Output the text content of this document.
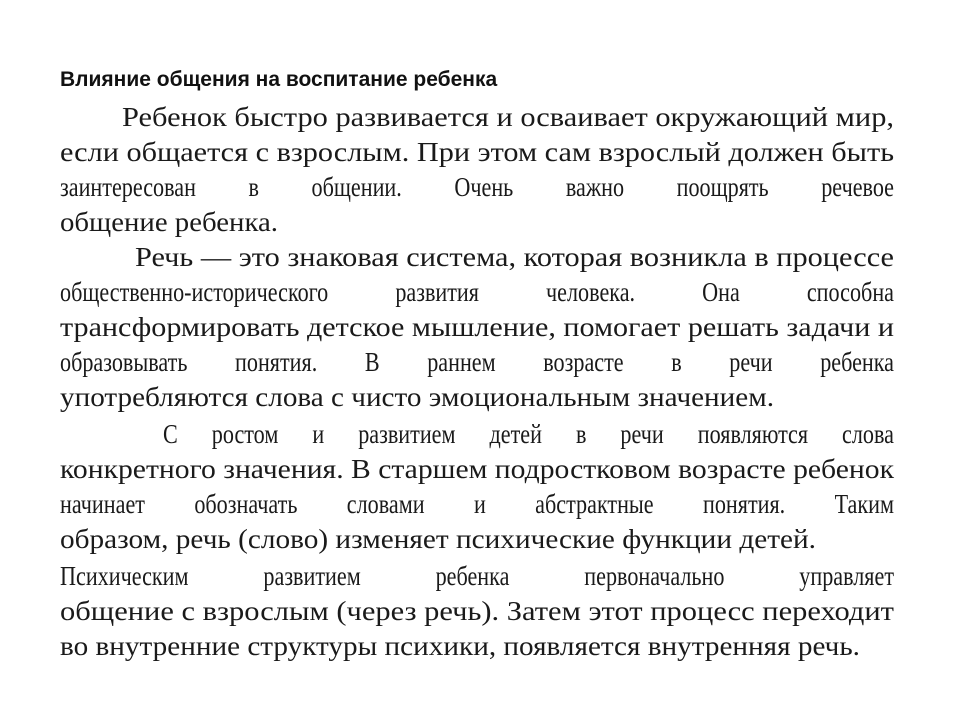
Влияние общения на воспитание ребенка
Ребенок быстро развивается и осваивает окружающий мир,
если общается с взрослым. При этом сам взрослый должен быть
заинтересован в общении. Очень важно поощрять речевое
общение ребенка.
Речь — это знаковая система, которая возникла в процессе
общественно-исторического развития человека. Она способна
трансформировать детское мышление, помогает решать задачи и
образовывать понятия. В раннем возрасте в речи ребенка
употребляются слова с чисто эмоциональным значением.
С ростом и развитием детей в речи появляются слова
конкретного значения. В старшем подростковом возрасте ребенок
начинает обозначать словами и абстрактные понятия. Таким
образом, речь (слово) изменяет психические функции детей.
Психическим развитием ребенка первоначально управляет
общение с взрослым (через речь). Затем этот процесс переходит
во внутренние структуры психики, появляется внутренняя речь.
